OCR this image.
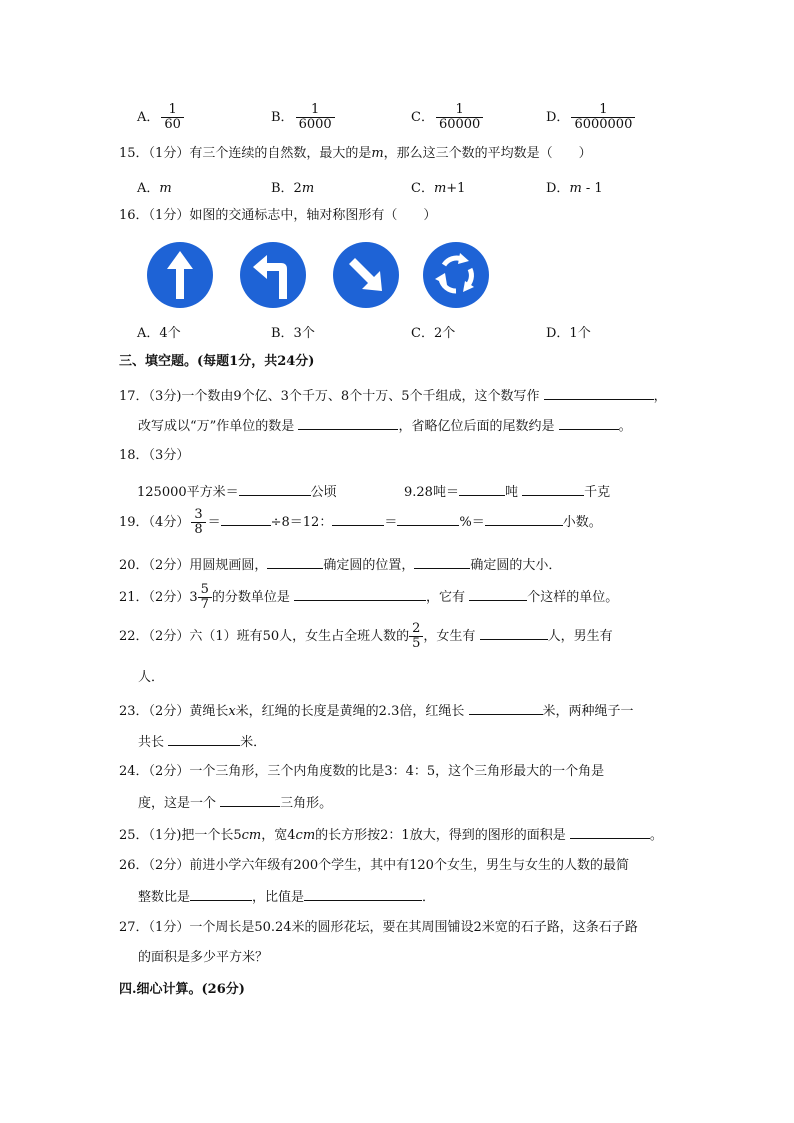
A． $\frac{1}{60}$	B． $\frac{1}{6000}$	C． $\frac{1}{60000}$	D． $\frac{1}{6000000}$
15．（1分）有三个连续的自然数，最大的是m，那么这三个数的平均数是（　　）
A．m	B．2m	C．m+1	D．m - 1
16．（1分）如图的交通标志中，轴对称图形有（　　）
A．4个	B．3个	C．2个	D．1个
三、填空题。(每题1分，共24分)
17．（3分)一个数由9个亿、3个千万、8个十万、5个千组成，这个数写作	，
改写成以“万”作单位的数是	，省略亿位后面的尾数约是	。
18．（3分）
125000平方米＝	公顷	9.28吨＝	吨	千克
19．（4分） $\frac{3}{8}$ ＝	÷8＝12：	＝	%＝	小数。
20．（2分）用圆规画圆，	确定圆的位置，	确定圆的大小．
21．（2分）$3 \frac{5}{7}$ 的分数单位是	，它有	个这样的单位。
22．（2分）六（1）班有50人，女生占全班人数的 $\frac{2}{5}$ ，女生有	人，男生有
人．
23．（2分）黄绳长x米，红绳的长度是黄绳的2.3倍，红绳长	米，两种绳子一
共长	米．
24．（2分）一个三角形，三个内角度数的比是3：4：5，这个三角形最大的一个角是
度，这是一个	三角形。
25．（1分)把一个长5cm，宽4cm的长方形按2：1放大，得到的图形的面积是	。
26．（2分）前进小学六年级有200个学生，其中有120个女生，男生与女生的人数的最简
整数比是	，比值是	．
27．（1分）一个周长是50.24米的圆形花坛，要在其周围铺设2米宽的石子路，这条石子路
的面积是多少平方米？
四.细心计算。(26分)
